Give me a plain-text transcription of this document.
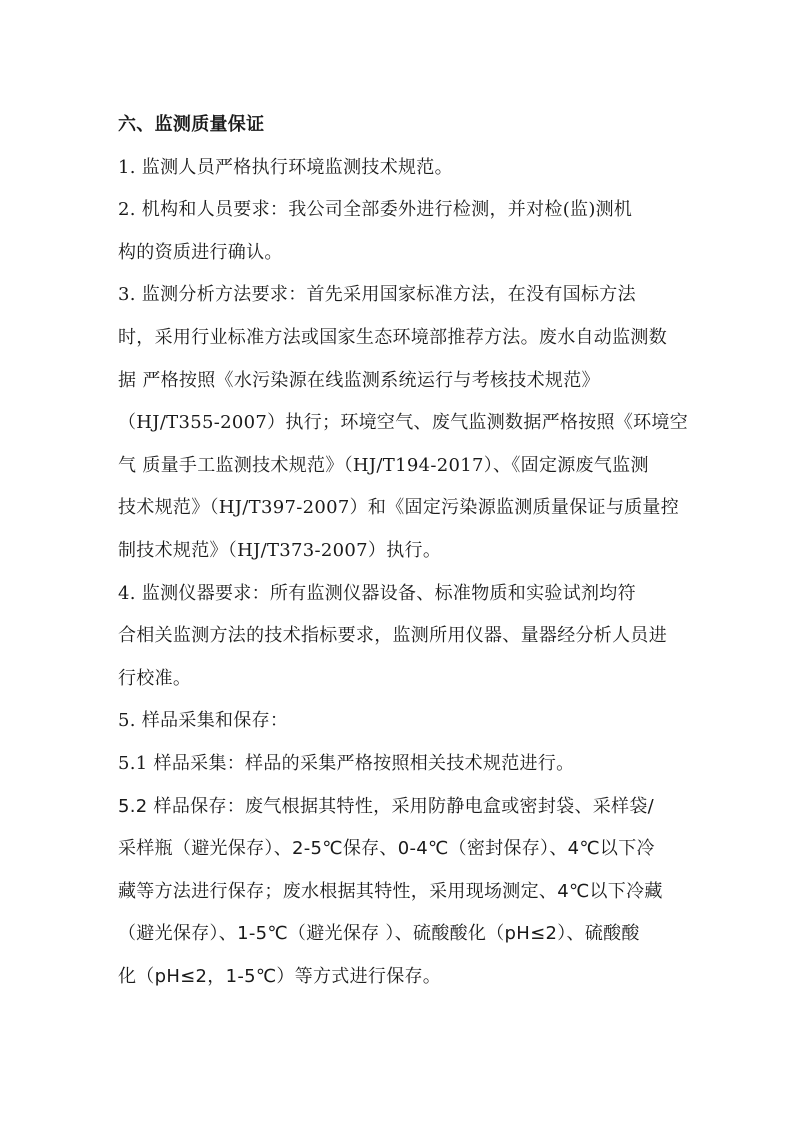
六、监测质量保证
1. 监测人员严格执行环境监测技术规范。
2. 机构和人员要求：我公司全部委外进行检测，并对检(监)测机
构的资质进行确认。
3. 监测分析方法要求：首先采用国家标准方法，在没有国标方法
时，采用行业标准方法或国家生态环境部推荐方法。废水自动监测数
据 严格按照《水污染源在线监测系统运行与考核技术规范》
（HJ/T355-2007）执行；环境空气、废气监测数据严格按照《环境空
气 质量手工监测技术规范》（HJ/T194-2017）、《固定源废气监测
技术规范》（HJ/T397-2007）和《固定污染源监测质量保证与质量控
制技术规范》（HJ/T373-2007）执行。
4. 监测仪器要求：所有监测仪器设备、标准物质和实验试剂均符
合相关监测方法的技术指标要求，监测所用仪器、量器经分析人员进
行校准。
5. 样品采集和保存：
5.1 样品采集：样品的采集严格按照相关技术规范进行。
5.2 样品保存：废气根据其特性，采用防静电盒或密封袋、采样袋/
采样瓶（避光保存）、2-5℃保存、0-4℃（密封保存）、4℃以下冷
藏等方法进行保存；废水根据其特性，采用现场测定、4℃以下冷藏
（避光保存）、1-5℃（避光保存 ）、硫酸酸化（pH≤2）、硫酸酸
化（pH≤2，1-5℃）等方式进行保存。
